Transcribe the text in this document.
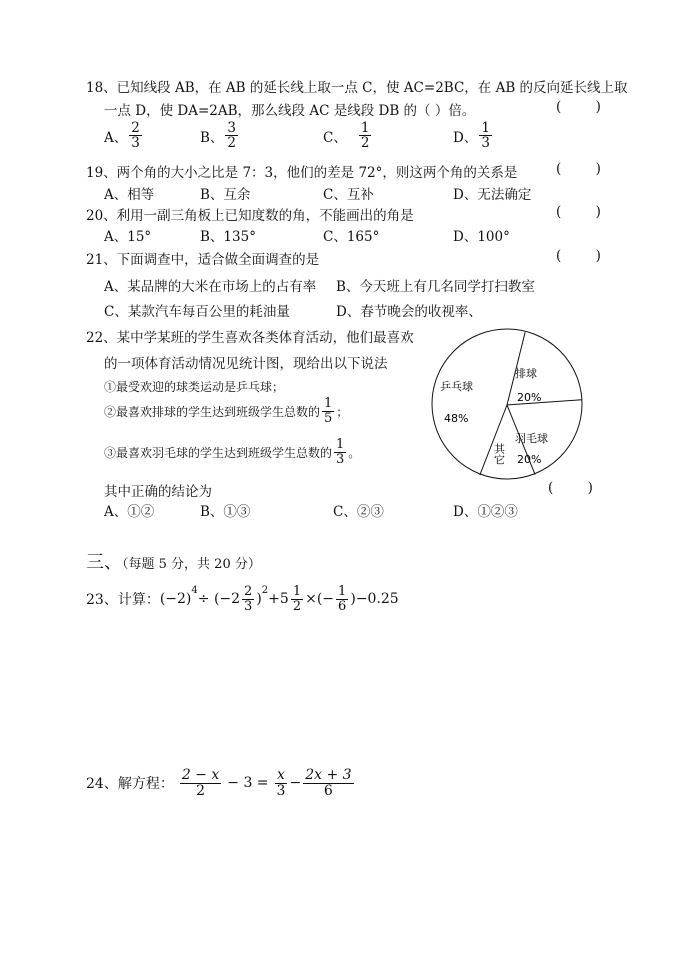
18、已知线段 AB，在 AB 的延长线上取一点 C，使 AC=2BC，在 AB 的反向延长线上取
一点 D，使 DA=2AB，那么线段 AC 是线段 DB 的（ ）倍。	(        )
A、 $\frac{2}{3}$	B、 $\frac{3}{2}$	C、 $\frac{1}{2}$	D、 $\frac{1}{3}$
19、两个角的大小之比是 7：3，他们的差是 72°，则这两个角的关系是	(        )
A、相等	B、互余	C、互补	D、无法确定
20、利用一副三角板上已知度数的角，不能画出的角是	(        )
A、15°	B、135°	C、165°	D、100°
21、下面调查中，适合做全面调查的是	(        )
A、某品牌的大米在市场上的占有率 B、今天班上有几名同学打扫教室
C、某款汽车每百公里的耗油量	D、春节晚会的收视率、
22、某中学某班的学生喜欢各类体育活动，他们最喜欢
的一项体育活动情况见统计图，现给出以下说法
①最受欢迎的球类运动是乒乓球；
②最喜欢排球的学生达到班级学生总数的 $\frac{1}{5}$ ；
③最喜欢羽毛球的学生达到班级学生总数的 $\frac{1}{3}$ 。
其中正确的结论为	(        )
A、①②	B、①③	C、②③	D、①②③
乒乓球
48%
排球
20%
羽毛球
20%
其它
三、（每题 5 分，共 20 分）
23、计算： (−2)
$^4$
÷ ($-2 \frac{2}{3}$ )
$^2$
$+5 \frac{1}{2}$ ×(− $\frac{1}{6} )-0.25$
24、解方程： $\frac{2 - x}{2} - 3 = \frac{x}{3} - \frac{2x + 3}{6}$
